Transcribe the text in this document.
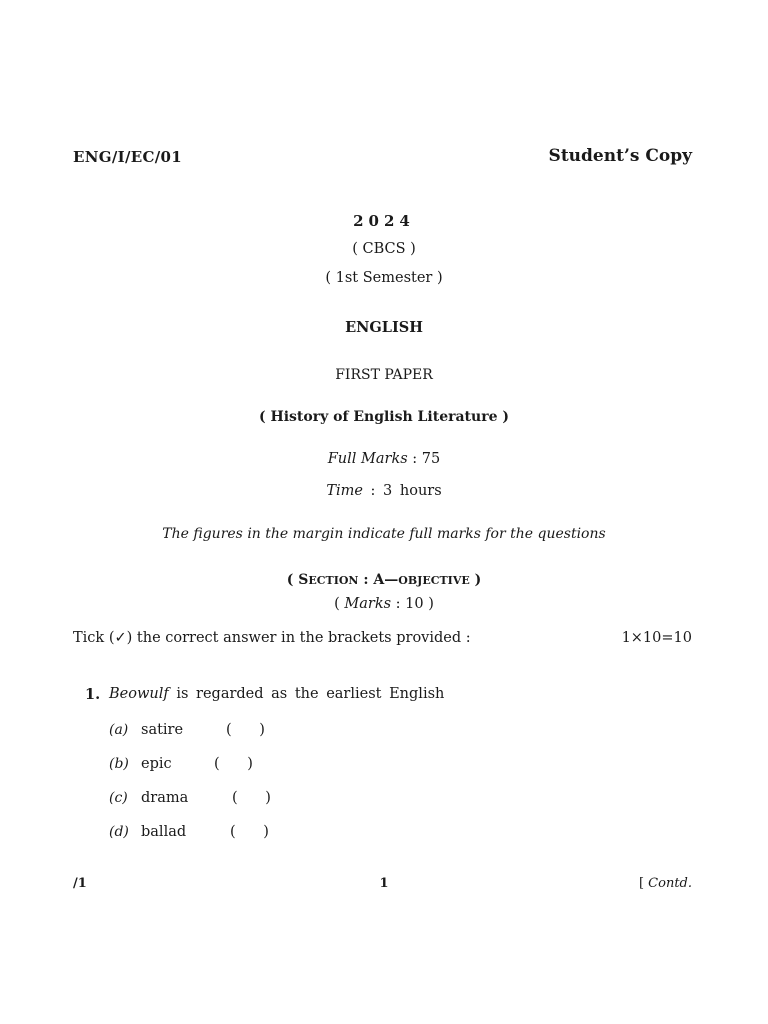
ENG/I/EC/01	Student’s Copy
2024
( CBCS )
( 1st Semester )
ENGLISH
FIRST PAPER
( History of English Literature )
Full Marks : 75
Time : 3 hours
The figures in the margin indicate full marks for the questions
( SECTION : A—OBJECTIVE )
( Marks : 10 )
Tick (✓) the correct answer in the brackets provided :	1×10=10
1. Beowulf is regarded as the earliest English
(a) satire	(      )
(b) epic	(      )
(c) drama	(      )
(d) ballad	(      )
/1	1	[ Contd.
